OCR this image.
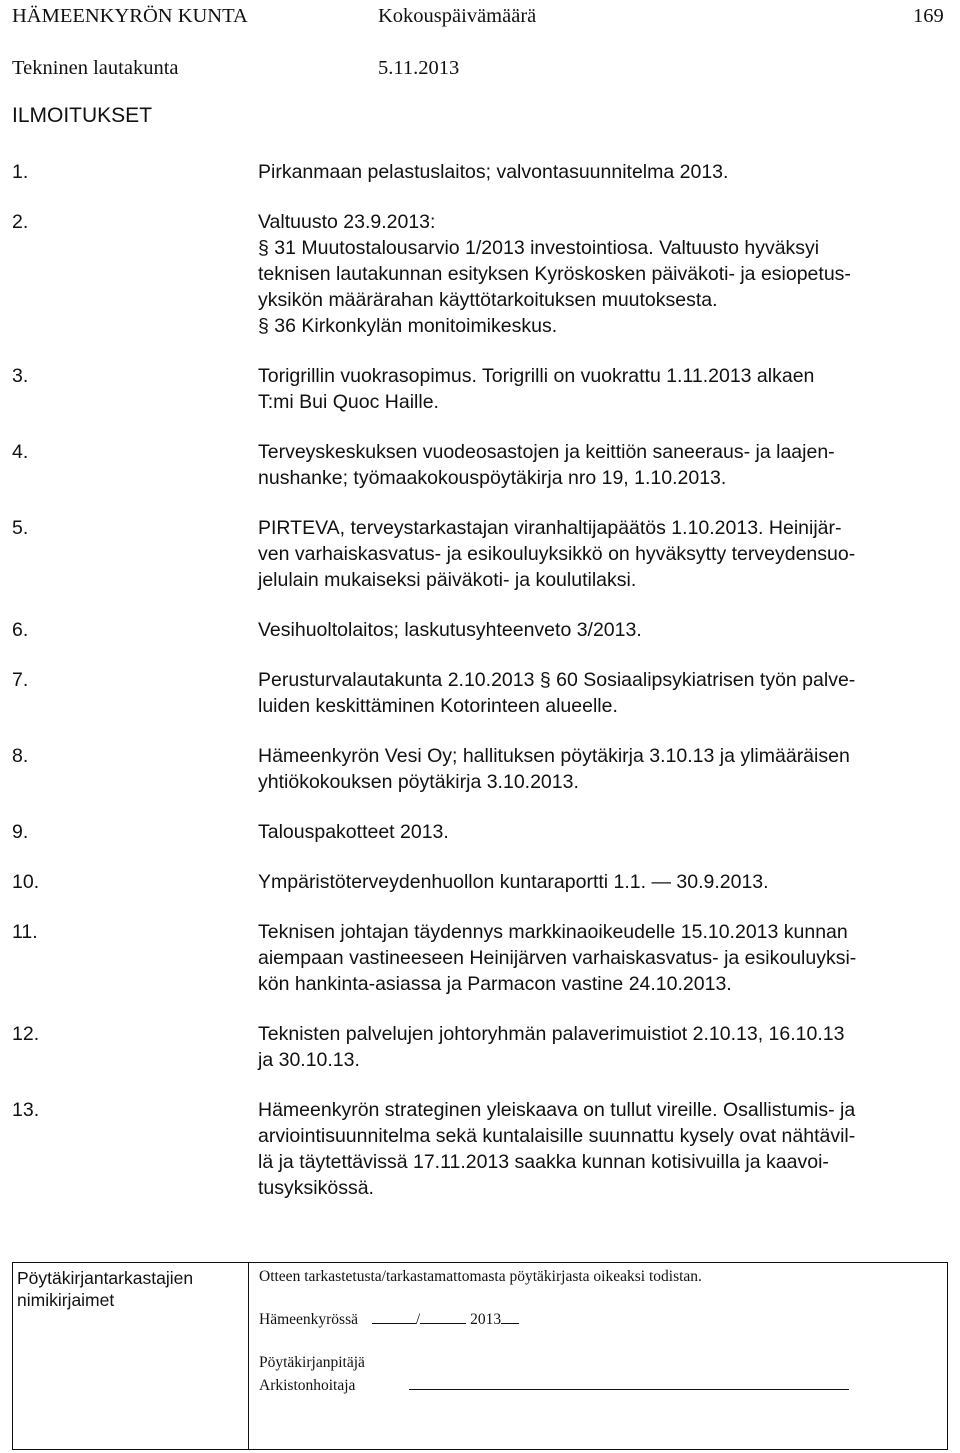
HÄMEENKYRÖN KUNTA	Kokouspäivämäärä	169
Tekninen lautakunta	5.11.2013
ILMOITUKSET
1.	Pirkanmaan pelastuslaitos; valvontasuunnitelma 2013.
2.	Valtuusto 23.9.2013:
§ 31 Muutostalousarvio 1/2013 investointiosa. Valtuusto hyväksyi
teknisen lautakunnan esityksen Kyröskosken päiväkoti- ja esiopetus-
yksikön määrärahan käyttötarkoituksen muutoksesta.
§ 36 Kirkonkylän monitoimikeskus.
3.	Torigrillin vuokrasopimus. Torigrilli on vuokrattu 1.11.2013 alkaen
T:mi Bui Quoc Haille.
4.	Terveyskeskuksen vuodeosastojen ja keittiön saneeraus- ja laajen-
nushanke; työmaakokouspöytäkirja nro 19, 1.10.2013.
5.	PIRTEVA, terveystarkastajan viranhaltijapäätös 1.10.2013. Heinijär-
ven varhaiskasvatus- ja esikouluyksikkö on hyväksytty terveydensuo-
jelulain mukaiseksi päiväkoti- ja koulutilaksi.
6.	Vesihuoltolaitos; laskutusyhteenveto 3/2013.
7.	Perusturvalautakunta 2.10.2013 § 60 Sosiaalipsykiatrisen työn palve-
luiden keskittäminen Kotorinteen alueelle.
8.	Hämeenkyrön Vesi Oy; hallituksen pöytäkirja 3.10.13 ja ylimääräisen
yhtiökokouksen pöytäkirja 3.10.2013.
9.	Talouspakotteet 2013.
10.	Ympäristöterveydenhuollon kuntaraportti 1.1. — 30.9.2013.
11.	Teknisen johtajan täydennys markkinaoikeudelle 15.10.2013 kunnan
aiempaan vastineeseen Heinijärven varhaiskasvatus- ja esikouluyksi-
kön hankinta-asiassa ja Parmacon vastine 24.10.2013.
12.	Teknisten palvelujen johtoryhmän palaverimuistiot 2.10.13, 16.10.13
ja 30.10.13.
13.	Hämeenkyrön strateginen yleiskaava on tullut vireille. Osallistumis- ja
arviointisuunnitelma sekä kuntalaisille suunnattu kysely ovat nähtävil-
lä ja täytettävissä 17.11.2013 saakka kunnan kotisivuilla ja kaavoi-
tusyksikössä.
Pöytäkirjantarkastajien
nimikirjaimet
Otteen tarkastetusta/tarkastamattomasta pöytäkirjasta oikeaksi todistan.
Hämeenkyrössä	/	2013
Pöytäkirjanpitäjä
Arkistonhoitaja
